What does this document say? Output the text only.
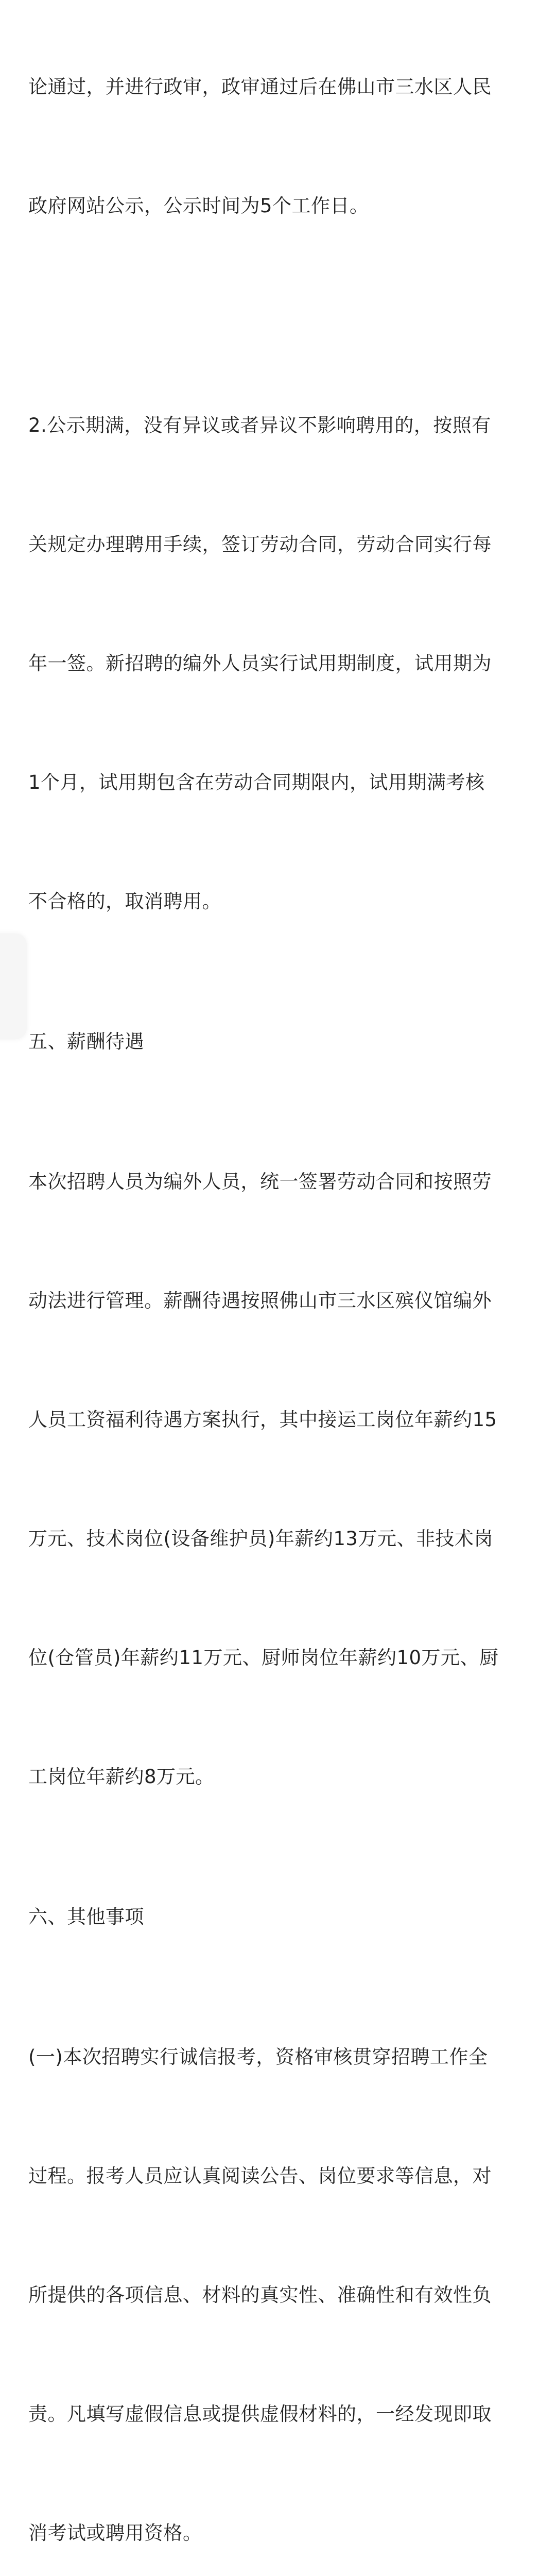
论通过，并进行政审，政审通过后在佛山市三水区人民

政府网站公示，公示时间为5个工作日。

2.公示期满，没有异议或者异议不影响聘用的，按照有

关规定办理聘用手续，签订劳动合同，劳动合同实行每

年一签。新招聘的编外人员实行试用期制度，试用期为

1个月，试用期包含在劳动合同期限内，试用期满考核

不合格的，取消聘用。

五、薪酬待遇

本次招聘人员为编外人员，统一签署劳动合同和按照劳

动法进行管理。薪酬待遇按照佛山市三水区殡仪馆编外

人员工资福利待遇方案执行，其中接运工岗位年薪约15

万元、技术岗位(设备维护员)年薪约13万元、非技术岗

位(仓管员)年薪约11万元、厨师岗位年薪约10万元、厨

工岗位年薪约8万元。

六、其他事项

(一)本次招聘实行诚信报考，资格审核贯穿招聘工作全

过程。报考人员应认真阅读公告、岗位要求等信息，对

所提供的各项信息、材料的真实性、准确性和有效性负

责。凡填写虚假信息或提供虚假材料的，一经发现即取

消考试或聘用资格。
